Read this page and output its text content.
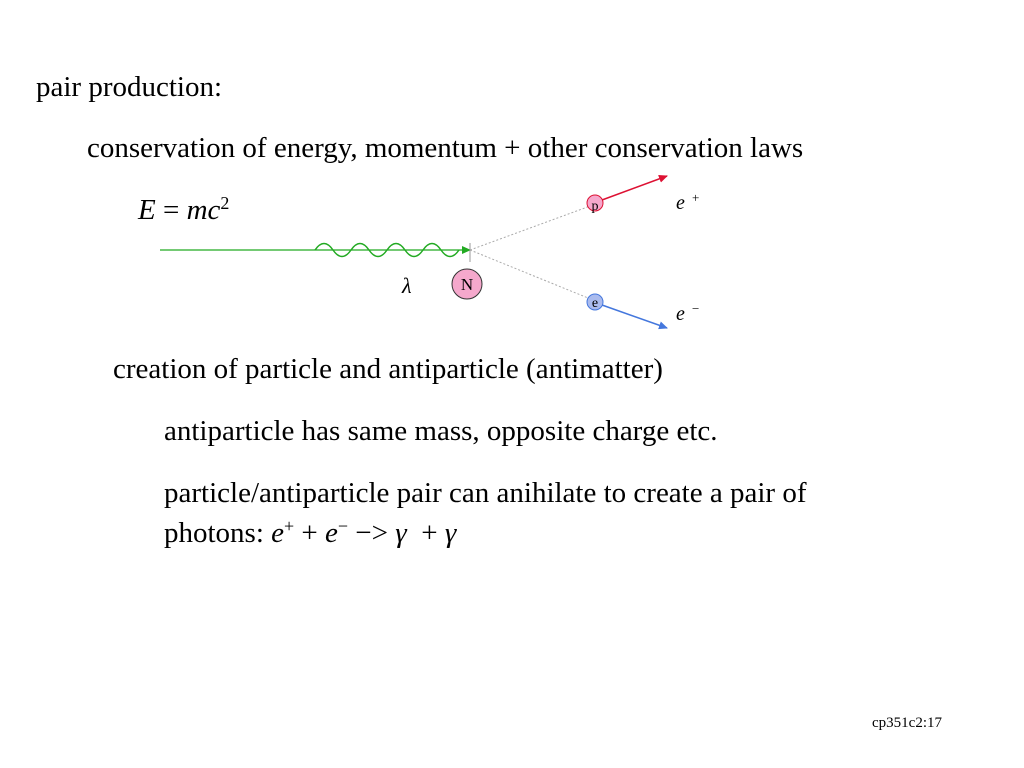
pair production:
conservation of energy, momentum + other conservation laws
$E = mc^2$
N
p
e
λ
e +
e −
creation of particle and antiparticle (antimatter)
antiparticle has same mass, opposite charge etc.
particle/antiparticle pair can anihilate to create a pair of
photons: e+ + e− −> γ  + γ
cp351c2:17
